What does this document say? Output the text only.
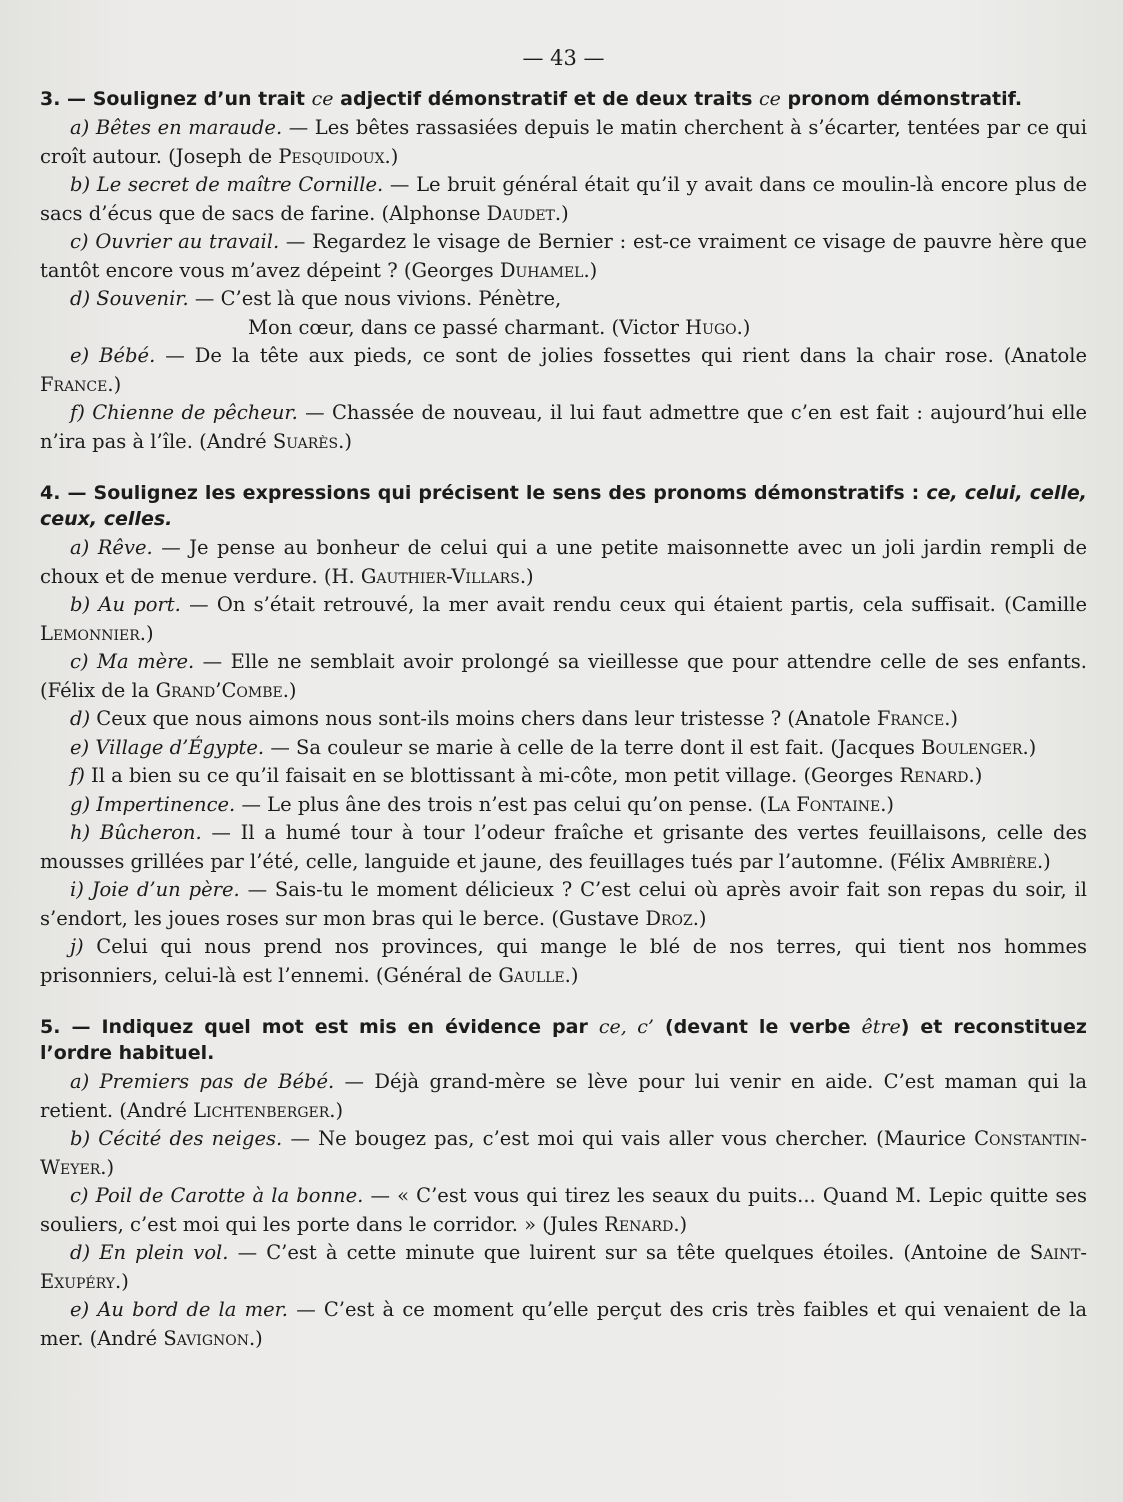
— 43 —
3. — Soulignez d’un trait ce adjectif démonstratif et de deux traits ce pronom démonstratif.
a) Bêtes en maraude. — Les bêtes rassasiées depuis le matin cherchent à s’écarter, tentées par ce qui croît autour. (Joseph de Pesquidoux.)
b) Le secret de maître Cornille. — Le bruit général était qu’il y avait dans ce moulin-là encore plus de sacs d’écus que de sacs de farine. (Alphonse Daudet.)
c) Ouvrier au travail. — Regardez le visage de Bernier : est-ce vraiment ce visage de pauvre hère que tantôt encore vous m’avez dépeint ? (Georges Duhamel.)
d) Souvenir. — C’est là que nous vivions. Pénètre,
Mon cœur, dans ce passé charmant. (Victor Hugo.)
e) Bébé. — De la tête aux pieds, ce sont de jolies fossettes qui rient dans la chair rose. (Anatole France.)
f) Chienne de pêcheur. — Chassée de nouveau, il lui faut admettre que c’en est fait : aujourd’hui elle n’ira pas à l’île. (André Suarès.)
4. — Soulignez les expressions qui précisent le sens des pronoms démonstratifs : ce, celui, celle, ceux, celles.
a) Rêve. — Je pense au bonheur de celui qui a une petite maisonnette avec un joli jardin rempli de choux et de menue verdure. (H. Gauthier-Villars.)
b) Au port. — On s’était retrouvé, la mer avait rendu ceux qui étaient partis, cela suffisait. (Camille Lemonnier.)
c) Ma mère. — Elle ne semblait avoir prolongé sa vieillesse que pour attendre celle de ses enfants. (Félix de la Grand’Combe.)
d) Ceux que nous aimons nous sont-ils moins chers dans leur tristesse ? (Anatole France.)
e) Village d’Égypte. — Sa couleur se marie à celle de la terre dont il est fait. (Jacques Boulenger.)
f) Il a bien su ce qu’il faisait en se blottissant à mi-côte, mon petit village. (Georges Renard.)
g) Impertinence. — Le plus âne des trois n’est pas celui qu’on pense. (La Fontaine.)
h) Bûcheron. — Il a humé tour à tour l’odeur fraîche et grisante des vertes feuillaisons, celle des mousses grillées par l’été, celle, languide et jaune, des feuillages tués par l’automne. (Félix Ambrière.)
i) Joie d’un père. — Sais-tu le moment délicieux ? C’est celui où après avoir fait son repas du soir, il s’endort, les joues roses sur mon bras qui le berce. (Gustave Droz.)
j) Celui qui nous prend nos provinces, qui mange le blé de nos terres, qui tient nos hommes prisonniers, celui-là est l’ennemi. (Général de Gaulle.)
5. — Indiquez quel mot est mis en évidence par ce, c’ (devant le verbe être) et reconstituez l’ordre habituel.
a) Premiers pas de Bébé. — Déjà grand-mère se lève pour lui venir en aide. C’est maman qui la retient. (André Lichtenberger.)
b) Cécité des neiges. — Ne bougez pas, c’est moi qui vais aller vous chercher. (Maurice Constantin-Weyer.)
c) Poil de Carotte à la bonne. — « C’est vous qui tirez les seaux du puits... Quand M. Lepic quitte ses souliers, c’est moi qui les porte dans le corridor. » (Jules Renard.)
d) En plein vol. — C’est à cette minute que luirent sur sa tête quelques étoiles. (Antoine de Saint-Exupéry.)
e) Au bord de la mer. — C’est à ce moment qu’elle perçut des cris très faibles et qui venaient de la mer. (André Savignon.)
